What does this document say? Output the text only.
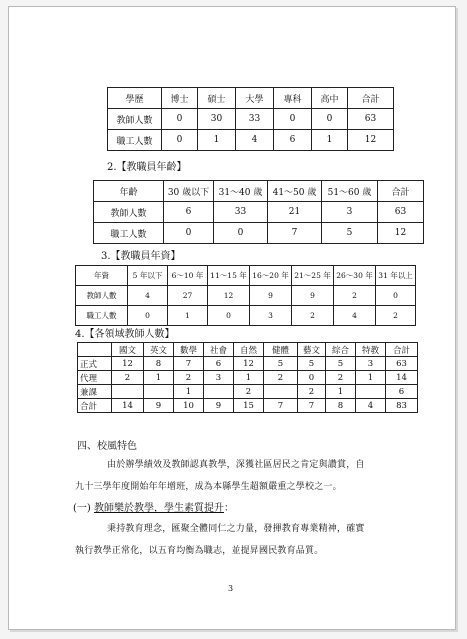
學歷	博士	碩士	大學	專科	高中	合計
教師人數	0	30	33	0	0	63
職工人數	0	1	4	6	1	12
2.【教職員年齡】
年齡	30 歲以下	31～40 歲	41～50 歲	51～60 歲	合計
教師人數	6	33	21	3	63
職工人數	0	0	7	5	12
3.【教職員年資】
年資	5 年以下	6～10 年	11～15 年	16～20 年	21～25 年	26～30 年	31 年以上
教師人數	4	27	12	9	9	2	0
職工人數	0	1	0	3	2	4	2
4.【各領域教師人數】
	國文	英文	數學	社會	自然	健體	藝文	綜合	特教	合計
正式	12	8	7	6	12	5	5	5	3	63
代理	2	1	2	3	1	2	0	2	1	14
兼課			1		2		2	1		6
合計	14	9	10	9	15	7	7	8	4	83
四、校風特色
由於辦學績效及教師認真教學，深獲社區居民之肯定與讚賞，自
九十三學年度開始年年增班，成為本縣學生超額嚴重之學校之一。
(一) 教師樂於教學，學生素質提升：
秉持教育理念，匯聚全體同仁之力量，發揮教育專業精神，確實
執行教學正常化，以五育均衡為職志，並提昇國民教育品質。
3
